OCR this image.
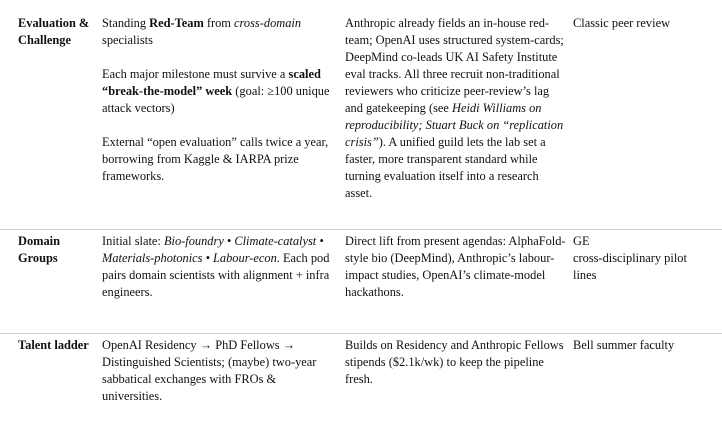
Evaluation & Challenge

Standing Red-Team from cross-domain specialists

Each major milestone must survive a scaled “break-the-model” week (goal: ≥100 unique attack vectors)

External “open evaluation” calls twice a year, borrowing from Kaggle & IARPA prize frameworks.

Anthropic already fields an in-house red-team; OpenAI uses structured system-cards; DeepMind co-leads UK AI Safety Institute eval tracks. All three recruit non-traditional reviewers who criticize peer-review’s lag and gatekeeping (see Heidi Williams on reproducibility; Stuart Buck on “replication crisis”). A unified guild lets the lab set a faster, more transparent standard while turning evaluation itself into a research asset.
Classic peer review
Domain Groups
Initial slate: Bio-foundry • Climate-catalyst • Materials-photonics • Labour-econ. Each pod pairs domain scientists with alignment + infra engineers.
Direct lift from present agendas: AlphaFold-style bio (DeepMind), Anthropic’s labour-impact studies, OpenAI’s climate-model hackathons.
GE
cross-disciplinary pilot lines
Talent ladder	OpenAI Residency → PhD Fellows → Distinguished Scientists; (maybe) two-year sabbatical exchanges with FROs & universities.
Builds on Residency and Anthropic Fellows stipends ($2.1k/wk) to keep the pipeline fresh.
Bell summer faculty
